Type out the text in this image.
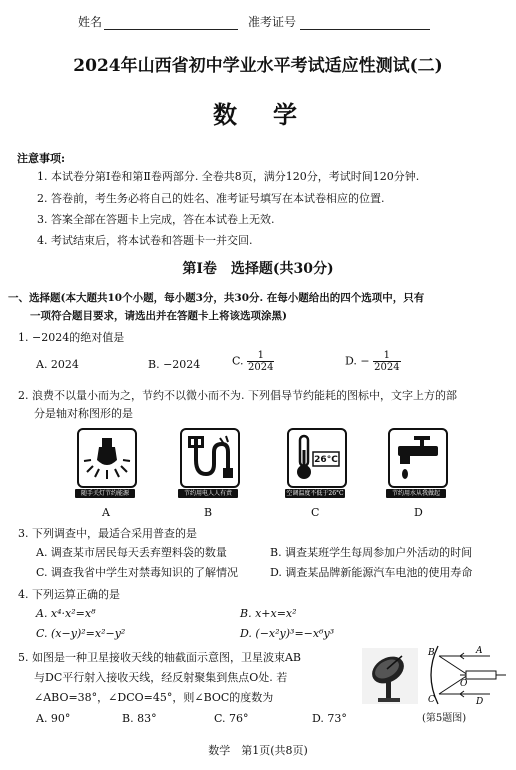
姓名	准考证号
2024年山西省初中学业水平考试适应性测试(二)
数　学
注意事项:
1. 本试卷分第Ⅰ卷和第Ⅱ卷两部分. 全卷共8页，满分120分，考试时间120分钟.
2. 答卷前，考生务必将自己的姓名、准考证号填写在本试卷相应的位置.
3. 答案全部在答题卡上完成，答在本试卷上无效.
4. 考试结束后，将本试卷和答题卡一并交回.
第Ⅰ卷　选择题(共30分)
一、选择题(本大题共10个小题，每小题3分，共30分. 在每小题给出的四个选项中，只有
一项符合题目要求，请选出并在答题卡上将该选项涂黑)
1. −2024的绝对值是
A. 2024	B. −2024	C. $\frac{1}{2024}$	D. − $\frac{1}{2024}$
2. 浪费不以量小而为之，节约不以微小而不为. 下列倡导节约能耗的图标中，文字上方的部
分是轴对称图形的是
随手关灯节约能源
A
节约用电人人有责
B
26°C
空调温度不低于26°C
C
节约用水从我做起
D
3. 下列调查中，最适合采用普查的是
A. 调查某市居民每天丢弃塑料袋的数量	B. 调查某班学生每周参加户外活动的时间
C. 调查我省中学生对禁毒知识的了解情况	D. 调查某品牌新能源汽车电池的使用寿命
4. 下列运算正确的是
A. x⁴·x²=x⁸	B. x+x=x²
C. (x−y)²=x²−y²	D. (−x²y)³=−x⁶y³
5. 如图是一种卫星接收天线的轴截面示意图，卫星波束AB
与DC平行射入接收天线，经反射聚集到焦点O处. 若
∠ABO=38°，∠DCO=45°，则∠BOC的度数为
A. 90°	B. 83°	C. 76°	D. 73°
B	A
C	D
O
(第5题图)
数学　第1页(共8页)
